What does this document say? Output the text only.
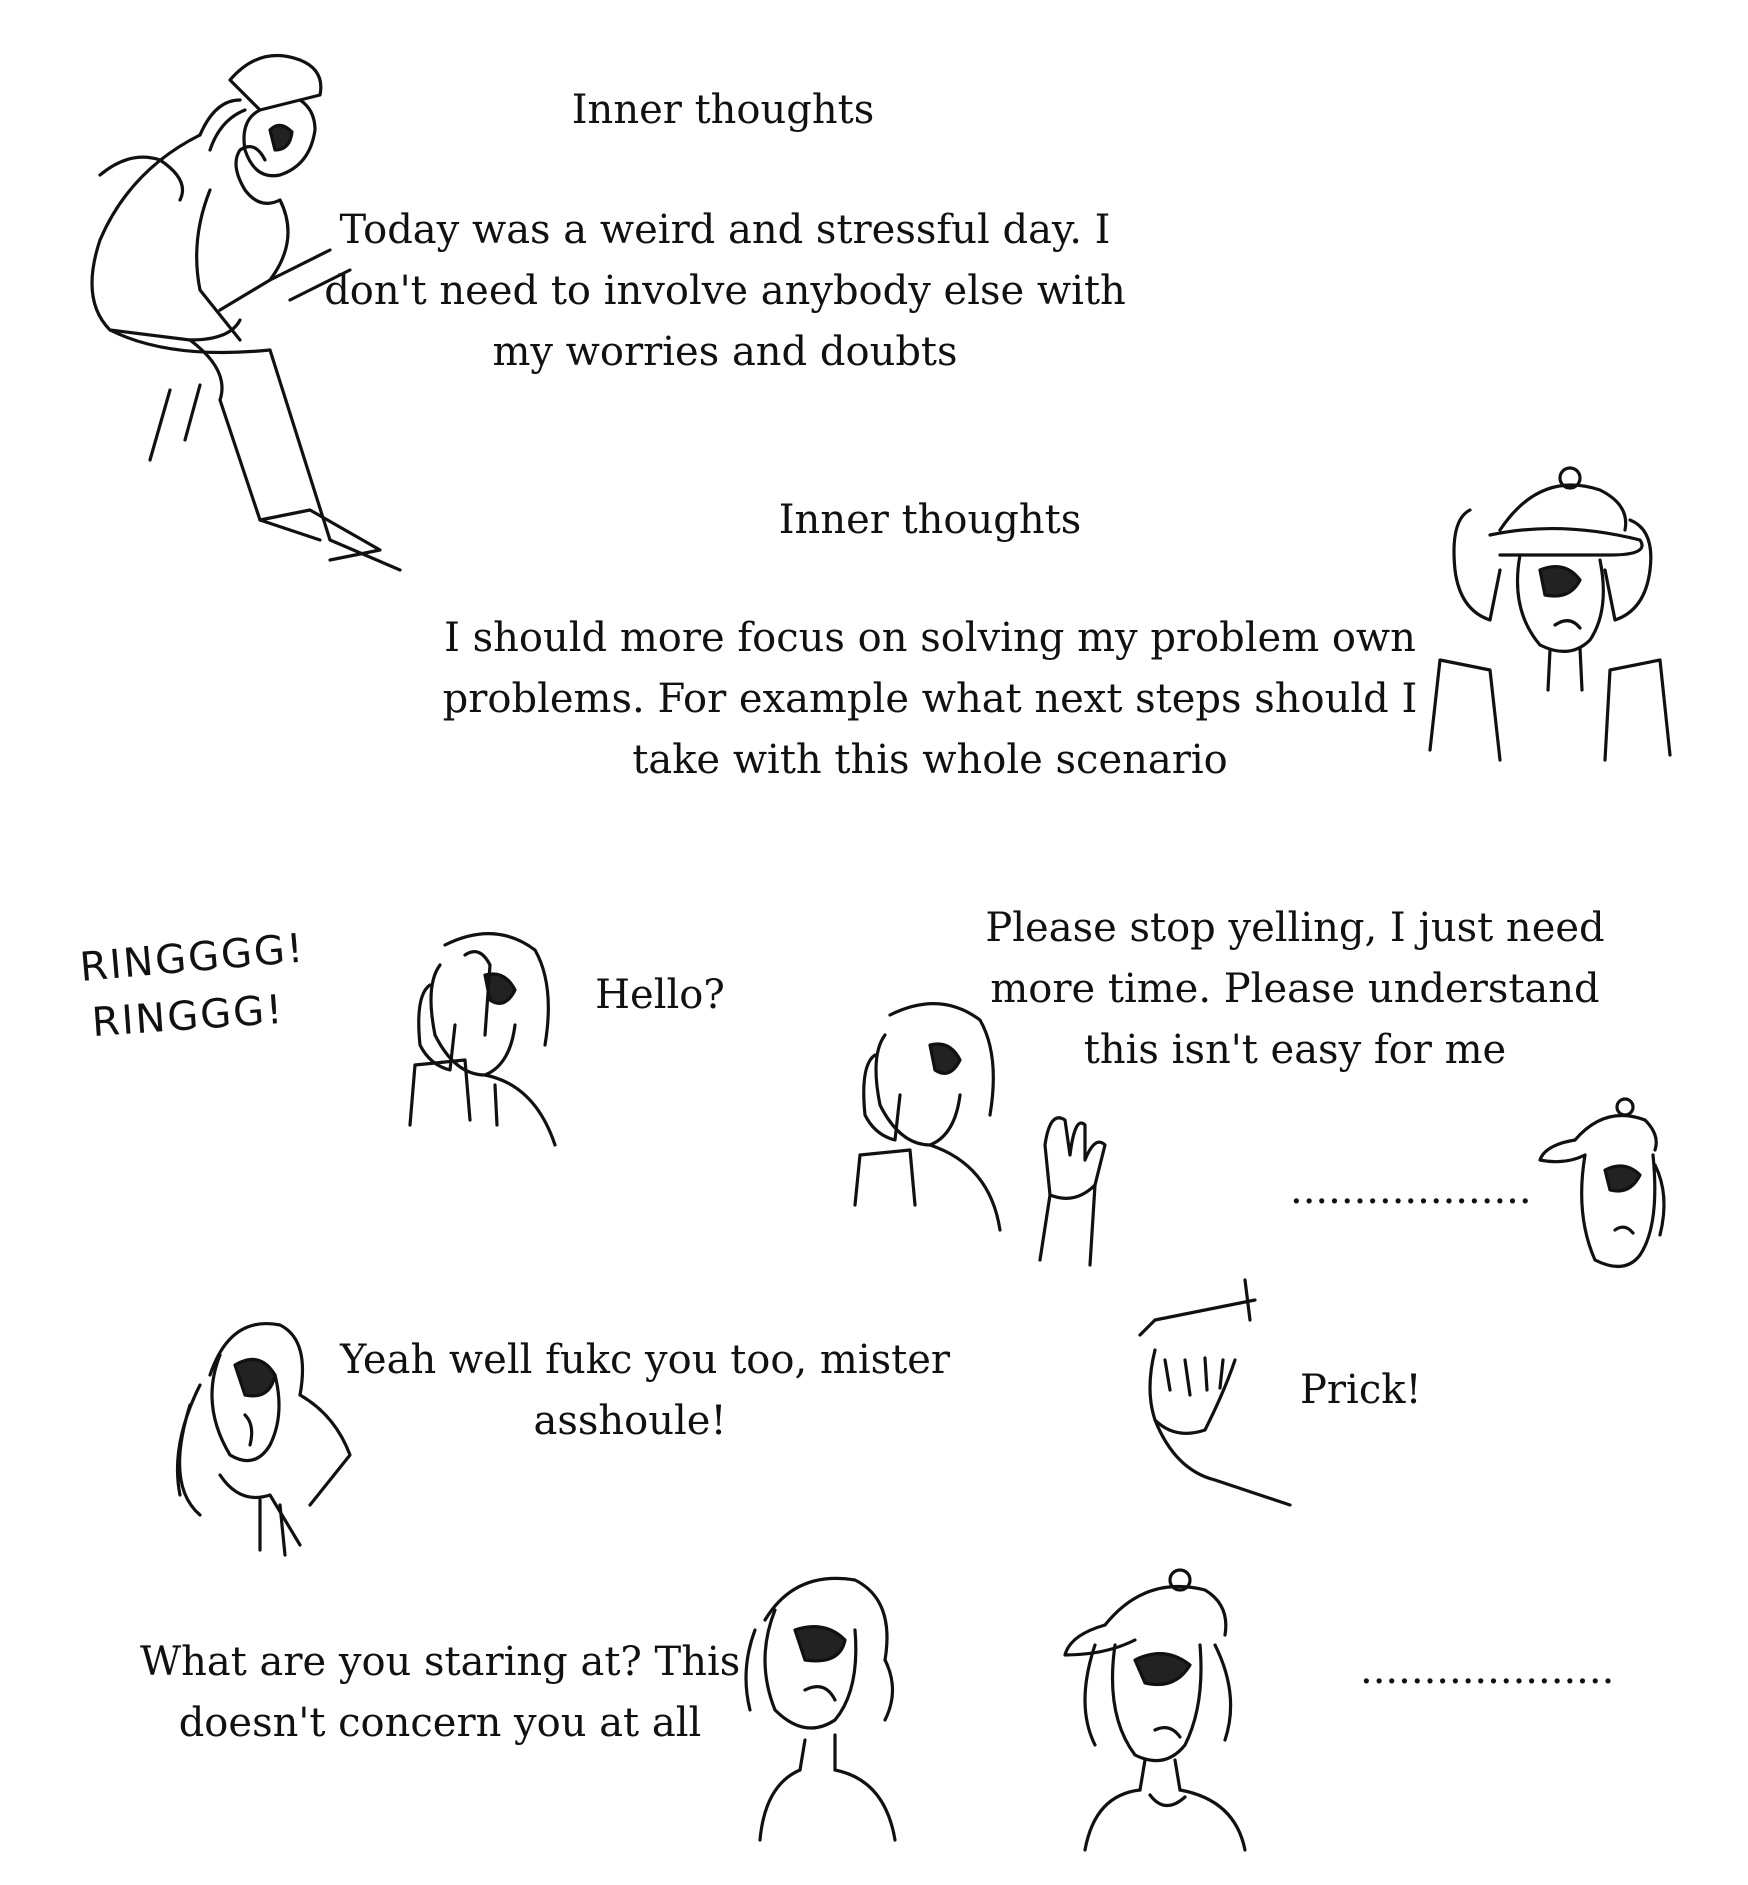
Inner thoughts
Today was a weird and stressful day. I
don't need to involve anybody else with
my worries and doubts
Inner thoughts
I should more focus on solving my problem own
problems. For example what next steps should I
take with this whole scenario
RINGGGG!
RINGGG!	Hello?
Please stop yelling, I just need
more time. Please understand
this isn't easy for me
...................
Yeah well fukc you too, mister
asshoule!
Prick!
What are you staring at? This
doesn't concern you at all
....................
